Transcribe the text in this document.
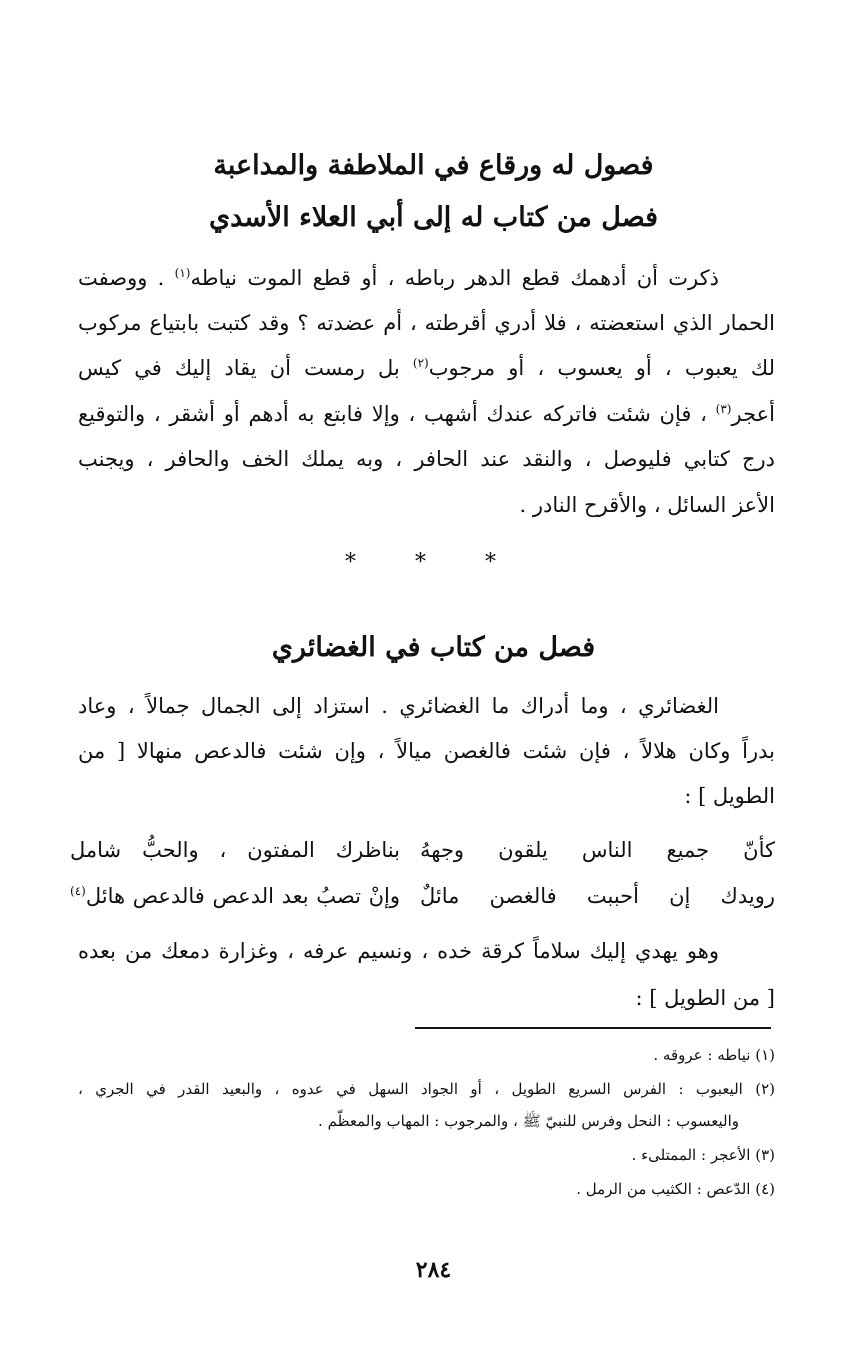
فصول له ورقاع في الملاطفة والمداعبة
فصل من كتاب له إلى أبي العلاء الأسدي
ذكرت أن أدهمك قطع الدهر رباطه ، أو قطع الموت نياطه$^{(١)}$ . ووصفت
الحمار الذي استعضته ، فلا أدري أقرطته ، أم عضدته ؟ وقد كتبت بابتياع مركوب
لك يعبوب ، أو يعسوب ، أو مرجوب$^{(٢)}$ بل رمست أن يقاد إليك في كيس
أعجر$^{(٣)}$ ، فإن شئت فاتركه عندك أشهب ، وإلا فابتع به أدهم أو أشقر ، والتوقيع
درج كتابي فليوصل ، والنقد عند الحافر ، وبه يملك الخف والحافر ، ويجنب
الأعز السائل ، والأقرح النادر .
* * *
فصل من كتاب في الغضائري
الغضائري ، وما أدراك ما الغضائري . استزاد إلى الجمال جمالاً ، وعاد
بدراً وكان هلالاً ، فإن شئت فالغصن ميالاً ، وإن شئت فالدعص منهالا [ من
الطويل ] :
كأنّ جميع الناس يلقون وجههُ
بناظرك المفتون ، والحبُّ شامل
رويدك إن أحببت فالغصن مائلٌ
وإنْ تصبُ بعد الدعص فالدعص هائل$^{(٤)}$
وهو يهدي إليك سلاماً كرقة خده ، ونسيم عرفه ، وغزارة دمعك من بعده
[ من الطويل ] :
(١) نياطه : عروقه .
(٢) اليعبوب : الفرس السريع الطويل ، أو الجواد السهل في عدوه ، والبعيد القدر في الجري ،
واليعسوب : النحل وفرس للنبيّ ﷺ ، والمرجوب : المهاب والمعظّم .
(٣) الأعجر : الممتلىء .
(٤) الدّعص : الكثيب من الرمل .
٢٨٤
